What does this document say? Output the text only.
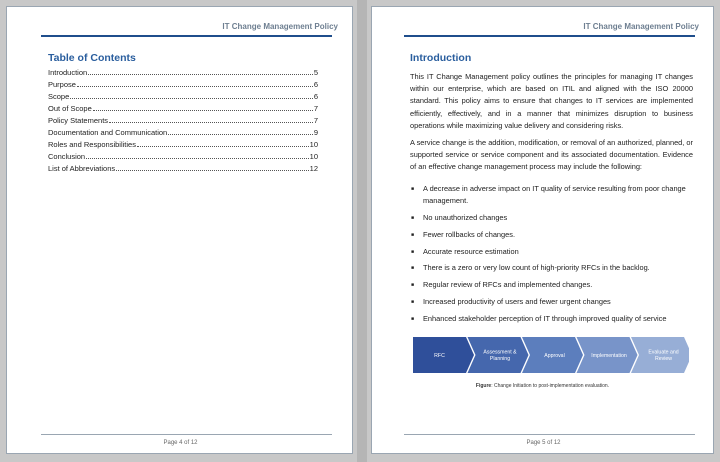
IT Change Management Policy
Table of Contents
Introduction	5
Purpose	6
Scope	6
Out of Scope	7
Policy Statements	7
Documentation and Communication	9
Roles and Responsibilities	10
Conclusion	10
List of Abbreviations	12
Page 4 of 12
IT Change Management Policy
Introduction

This IT Change Management policy outlines the principles for managing IT changes within our enterprise, which are based on ITIL and aligned with the ISO 20000 standard. This policy aims to ensure that changes to IT services are implemented efficiently, effectively, and in a manner that minimizes disruption to business operations while maximizing value delivery and considering risks.

A service change is the addition, modification, or removal of an authorized, planned, or supported service or service component and its associated documentation. Evidence of an effective change management process may include the following:

■ A decrease in adverse impact on IT quality of service resulting from poor change management.
■ No unauthorized changes
■ Fewer rollbacks of changes.
■ Accurate resource estimation
■ There is a zero or very low count of high-priority RFCs in the backlog.
■ Regular review of RFCs and implemented changes.
■ Increased productivity of users and fewer urgent changes
■ Enhanced stakeholder perception of IT through improved quality of service
Page 5 of 12
RFC
Assessment & Planning	Approval	Implementation
Evaluate and Review
Figure: Change Initiation to post-implementation evaluation.
